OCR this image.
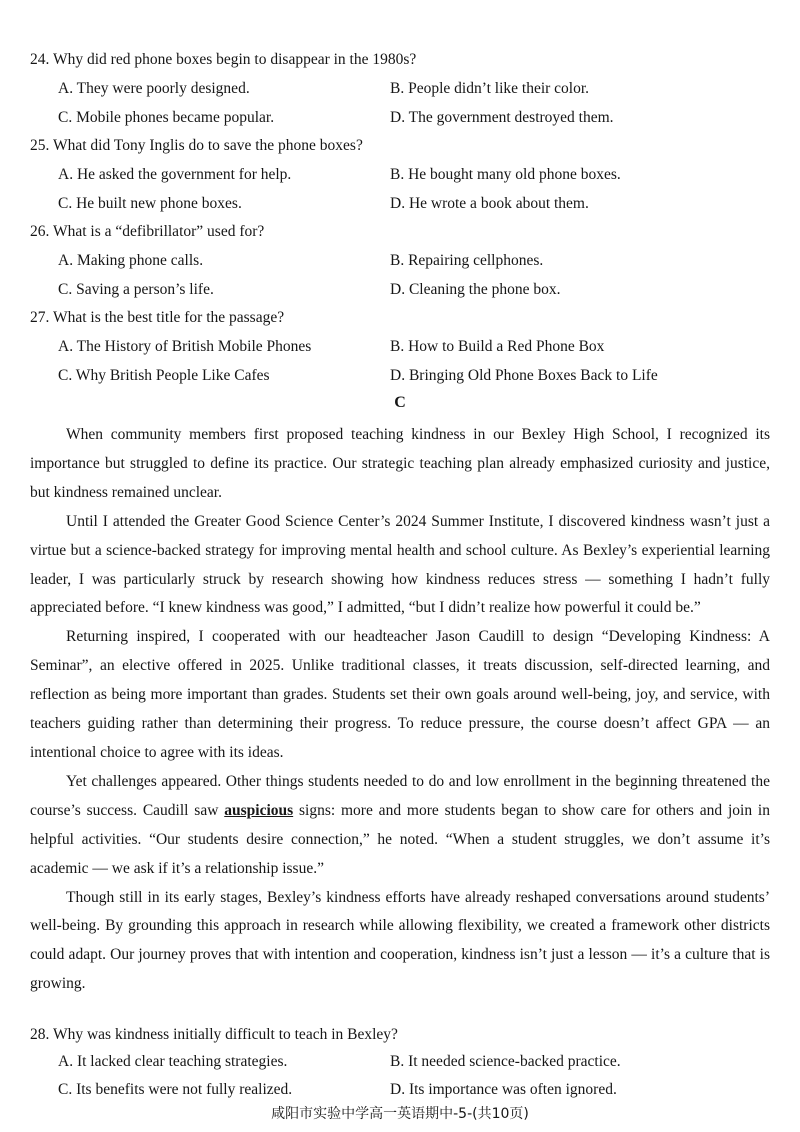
24. Why did red phone boxes begin to disappear in the 1980s?
A. They were poorly designed.	B. People didn’t like their color.
C. Mobile phones became popular.	D. The government destroyed them.
25. What did Tony Inglis do to save the phone boxes?
A. He asked the government for help.	B. He bought many old phone boxes.
C. He built new phone boxes.	D. He wrote a book about them.
26. What is a “defibrillator” used for?
A. Making phone calls.	B. Repairing cellphones.
C. Saving a person’s life.	D. Cleaning the phone box.
27. What is the best title for the passage?
A. The History of British Mobile Phones	B. How to Build a Red Phone Box
C. Why British People Like Cafes	D. Bringing Old Phone Boxes Back to Life
C

When community members first proposed teaching kindness in our Bexley High School, I recognized its importance but struggled to define its practice. Our strategic teaching plan already emphasized curiosity and justice, but kindness remained unclear.

Until I attended the Greater Good Science Center’s 2024 Summer Institute, I discovered kindness wasn’t just a virtue but a science-backed strategy for improving mental health and school culture. As Bexley’s experiential learning leader, I was particularly struck by research showing how kindness reduces stress — something I hadn’t fully appreciated before. “I knew kindness was good,” I admitted, “but I didn’t realize how powerful it could be.”

Returning inspired, I cooperated with our headteacher Jason Caudill to design “Developing Kindness: A Seminar”, an elective offered in 2025. Unlike traditional classes, it treats discussion, self-directed learning, and reflection as being more important than grades. Students set their own goals around well-being, joy, and service, with teachers guiding rather than determining their progress. To reduce pressure, the course doesn’t affect GPA — an intentional choice to agree with its ideas.

Yet challenges appeared. Other things students needed to do and low enrollment in the beginning threatened the course’s success. Caudill saw auspicious signs: more and more students began to show care for others and join in helpful activities. “Our students desire connection,” he noted. “When a student struggles, we don’t assume it’s academic — we ask if it’s a relationship issue.”

Though still in its early stages, Bexley’s kindness efforts have already reshaped conversations around students’ well-being. By grounding this approach in research while allowing flexibility, we created a framework other districts could adapt. Our journey proves that with intention and cooperation, kindness isn’t just a lesson — it’s a culture that is growing.

28. Why was kindness initially difficult to teach in Bexley?
A. It lacked clear teaching strategies.	B. It needed science-backed practice.
C. Its benefits were not fully realized.	D. Its importance was often ignored.
咸阳市实验中学高一英语期中-5-(共10页)
